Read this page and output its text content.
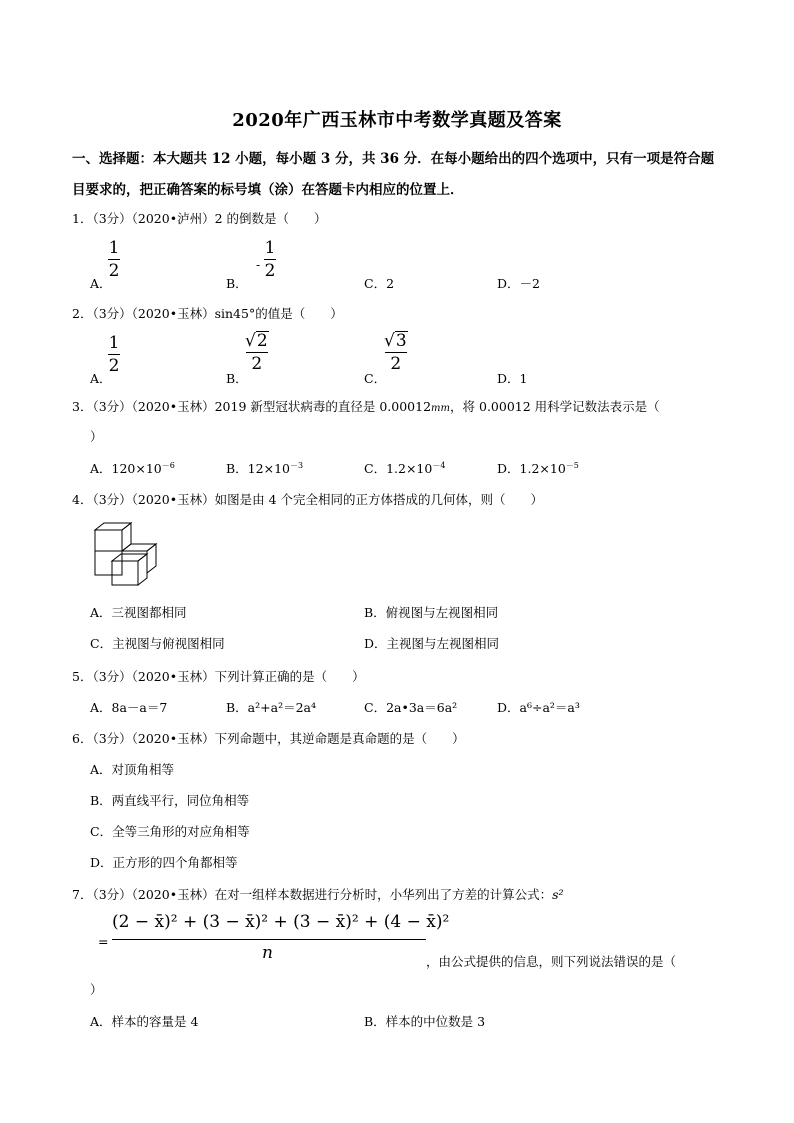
2020年广西玉林市中考数学真题及答案
一、选择题：本大题共 12 小题，每小题 3 分，共 36 分．在每小题给出的四个选项中，只有一项是符合题
目要求的，把正确答案的标号填（涂）在答题卡内相应的位置上．
1．（3分）（2020•泸州）2 的倒数是（　　）
A．
1
2
B．
-
1
2
C．2	D．－2
2．（3分）（2020•玉林）sin45°的值是（　　）
A．
1
2
B．
√ 2
2
C．
√ 3
2
D．1
3．（3分）（2020•玉林）2019 新型冠状病毒的直径是 0.00012mm，将 0.00012 用科学记数法表示是（
）
A．$120\times 10^{-6}$	B．$12\times 10^{-3}$	C．$1.2\times 10^{-4}$	D．$1.2\times 10^{-5}$
4．（3分）（2020•玉林）如图是由 4 个完全相同的正方体搭成的几何体，则（　　）
A．三视图都相同	B．俯视图与左视图相同
C．主视图与俯视图相同	D．主视图与左视图相同
5．（3分）（2020•玉林）下列计算正确的是（　　）
A．8a－a＝7	B．a²+a²＝2a⁴	C．2a•3a＝6a²	D．a⁶÷a²＝a³
6．（3分）（2020•玉林）下列命题中，其逆命题是真命题的是（　　）
A．对顶角相等
B．两直线平行，同位角相等
C．全等三角形的对应角相等
D．正方形的四个角都相等
7．（3分）（2020•玉林）在对一组样本数据进行分析时，小华列出了方差的计算公式：s²
=
(2 − x̄)² + (3 − x̄)² + (3 − x̄)² + (4 − x̄)²
n	，由公式提供的信息，则下列说法错误的是（
）
A．样本的容量是 4	B．样本的中位数是 3
